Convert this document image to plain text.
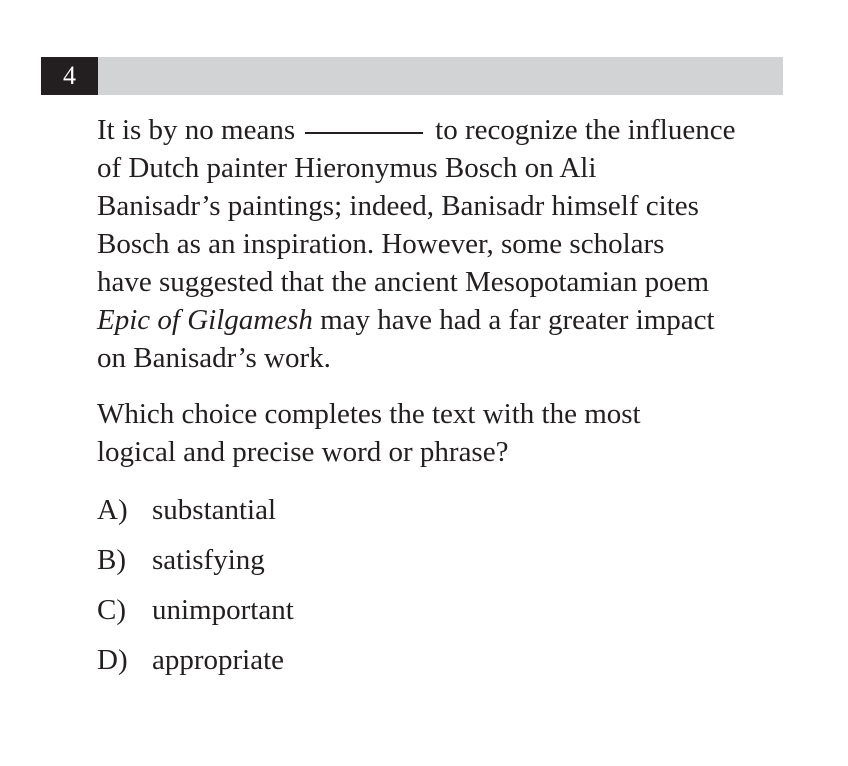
4

It is by no means	to recognize the influence
of Dutch painter Hieronymus Bosch on Ali
Banisadr’s paintings; indeed, Banisadr himself cites
Bosch as an inspiration. However, some scholars
have suggested that the ancient Mesopotamian poem
Epic of Gilgamesh may have had a far greater impact
on Banisadr’s work.

Which choice completes the text with the most
logical and precise word or phrase?

A) substantial
B) satisfying
C) unimportant
D) appropriate
